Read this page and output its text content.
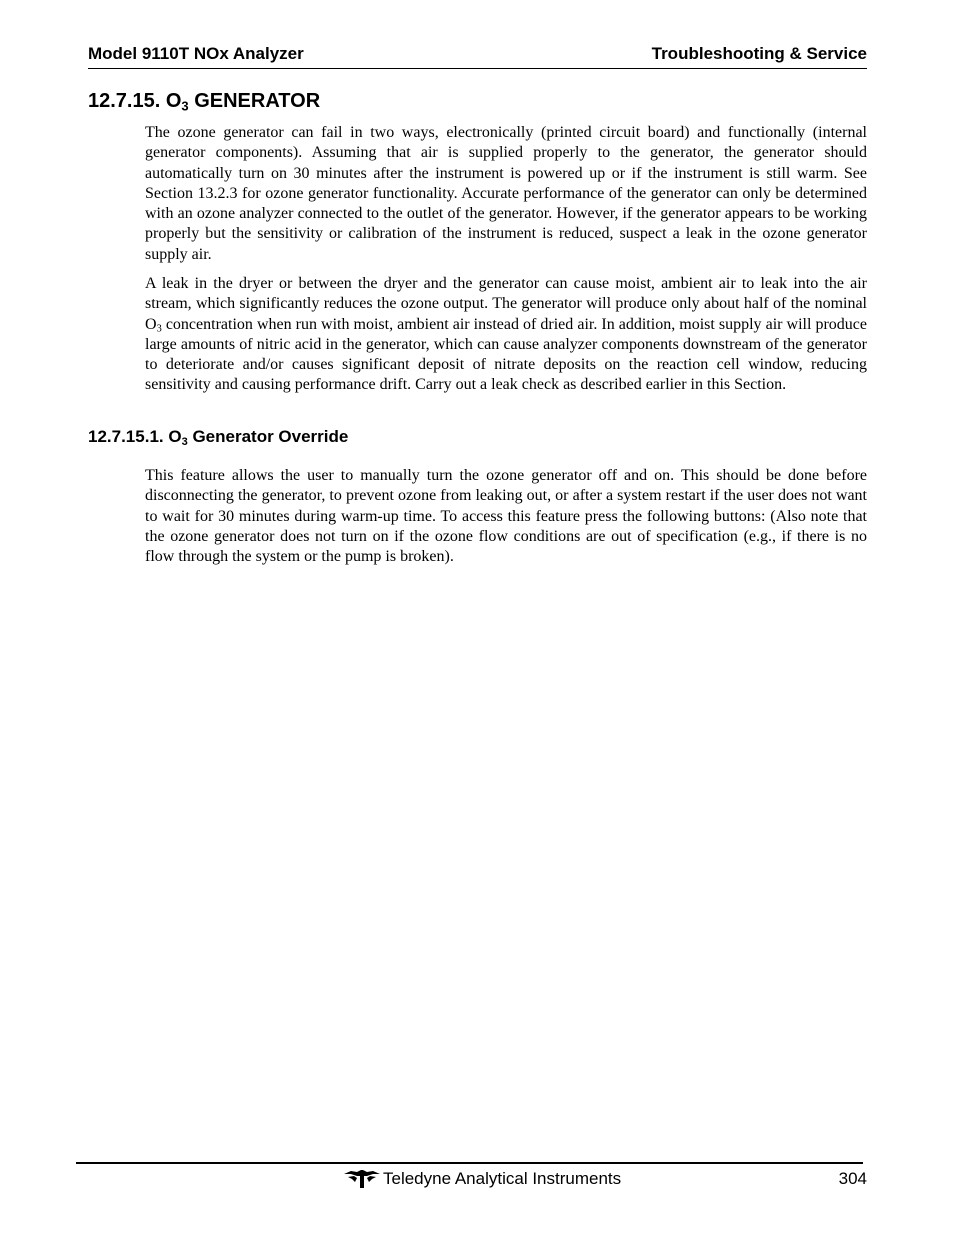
Model 9110T NOx Analyzer	Troubleshooting & Service
12.7.15. $O_3$ GENERATOR

The ozone generator can fail in two ways, electronically (printed circuit board) and functionally (internal generator components). Assuming that air is supplied properly to the generator, the generator should automatically turn on 30 minutes after the instrument is powered up or if the instrument is still warm. See Section 13.2.3 for ozone generator functionality. Accurate performance of the generator can only be determined with an ozone analyzer connected to the outlet of the generator. However, if the generator appears to be working properly but the sensitivity or calibration of the instrument is reduced, suspect a leak in the ozone generator supply air.

A leak in the dryer or between the dryer and the generator can cause moist, ambient air to leak into the air stream, which significantly reduces the ozone output. The generator will produce only about half of the nominal $O_3$ concentration when run with moist, ambient air instead of dried air. In addition, moist supply air will produce large amounts of nitric acid in the generator, which can cause analyzer components downstream of the generator to deteriorate and/or causes significant deposit of nitrate deposits on the reaction cell window, reducing sensitivity and causing performance drift. Carry out a leak check as described earlier in this Section.

12.7.15.1. $O_3$ Generator Override

This feature allows the user to manually turn the ozone generator off and on. This should be done before disconnecting the generator, to prevent ozone from leaking out, or after a system restart if the user does not want to wait for 30 minutes during warm-up time. To access this feature press the following buttons: (Also note that the ozone generator does not turn on if the ozone flow conditions are out of specification (e.g., if there is no flow through the system or the pump is broken).

Teledyne Analytical Instruments	304
